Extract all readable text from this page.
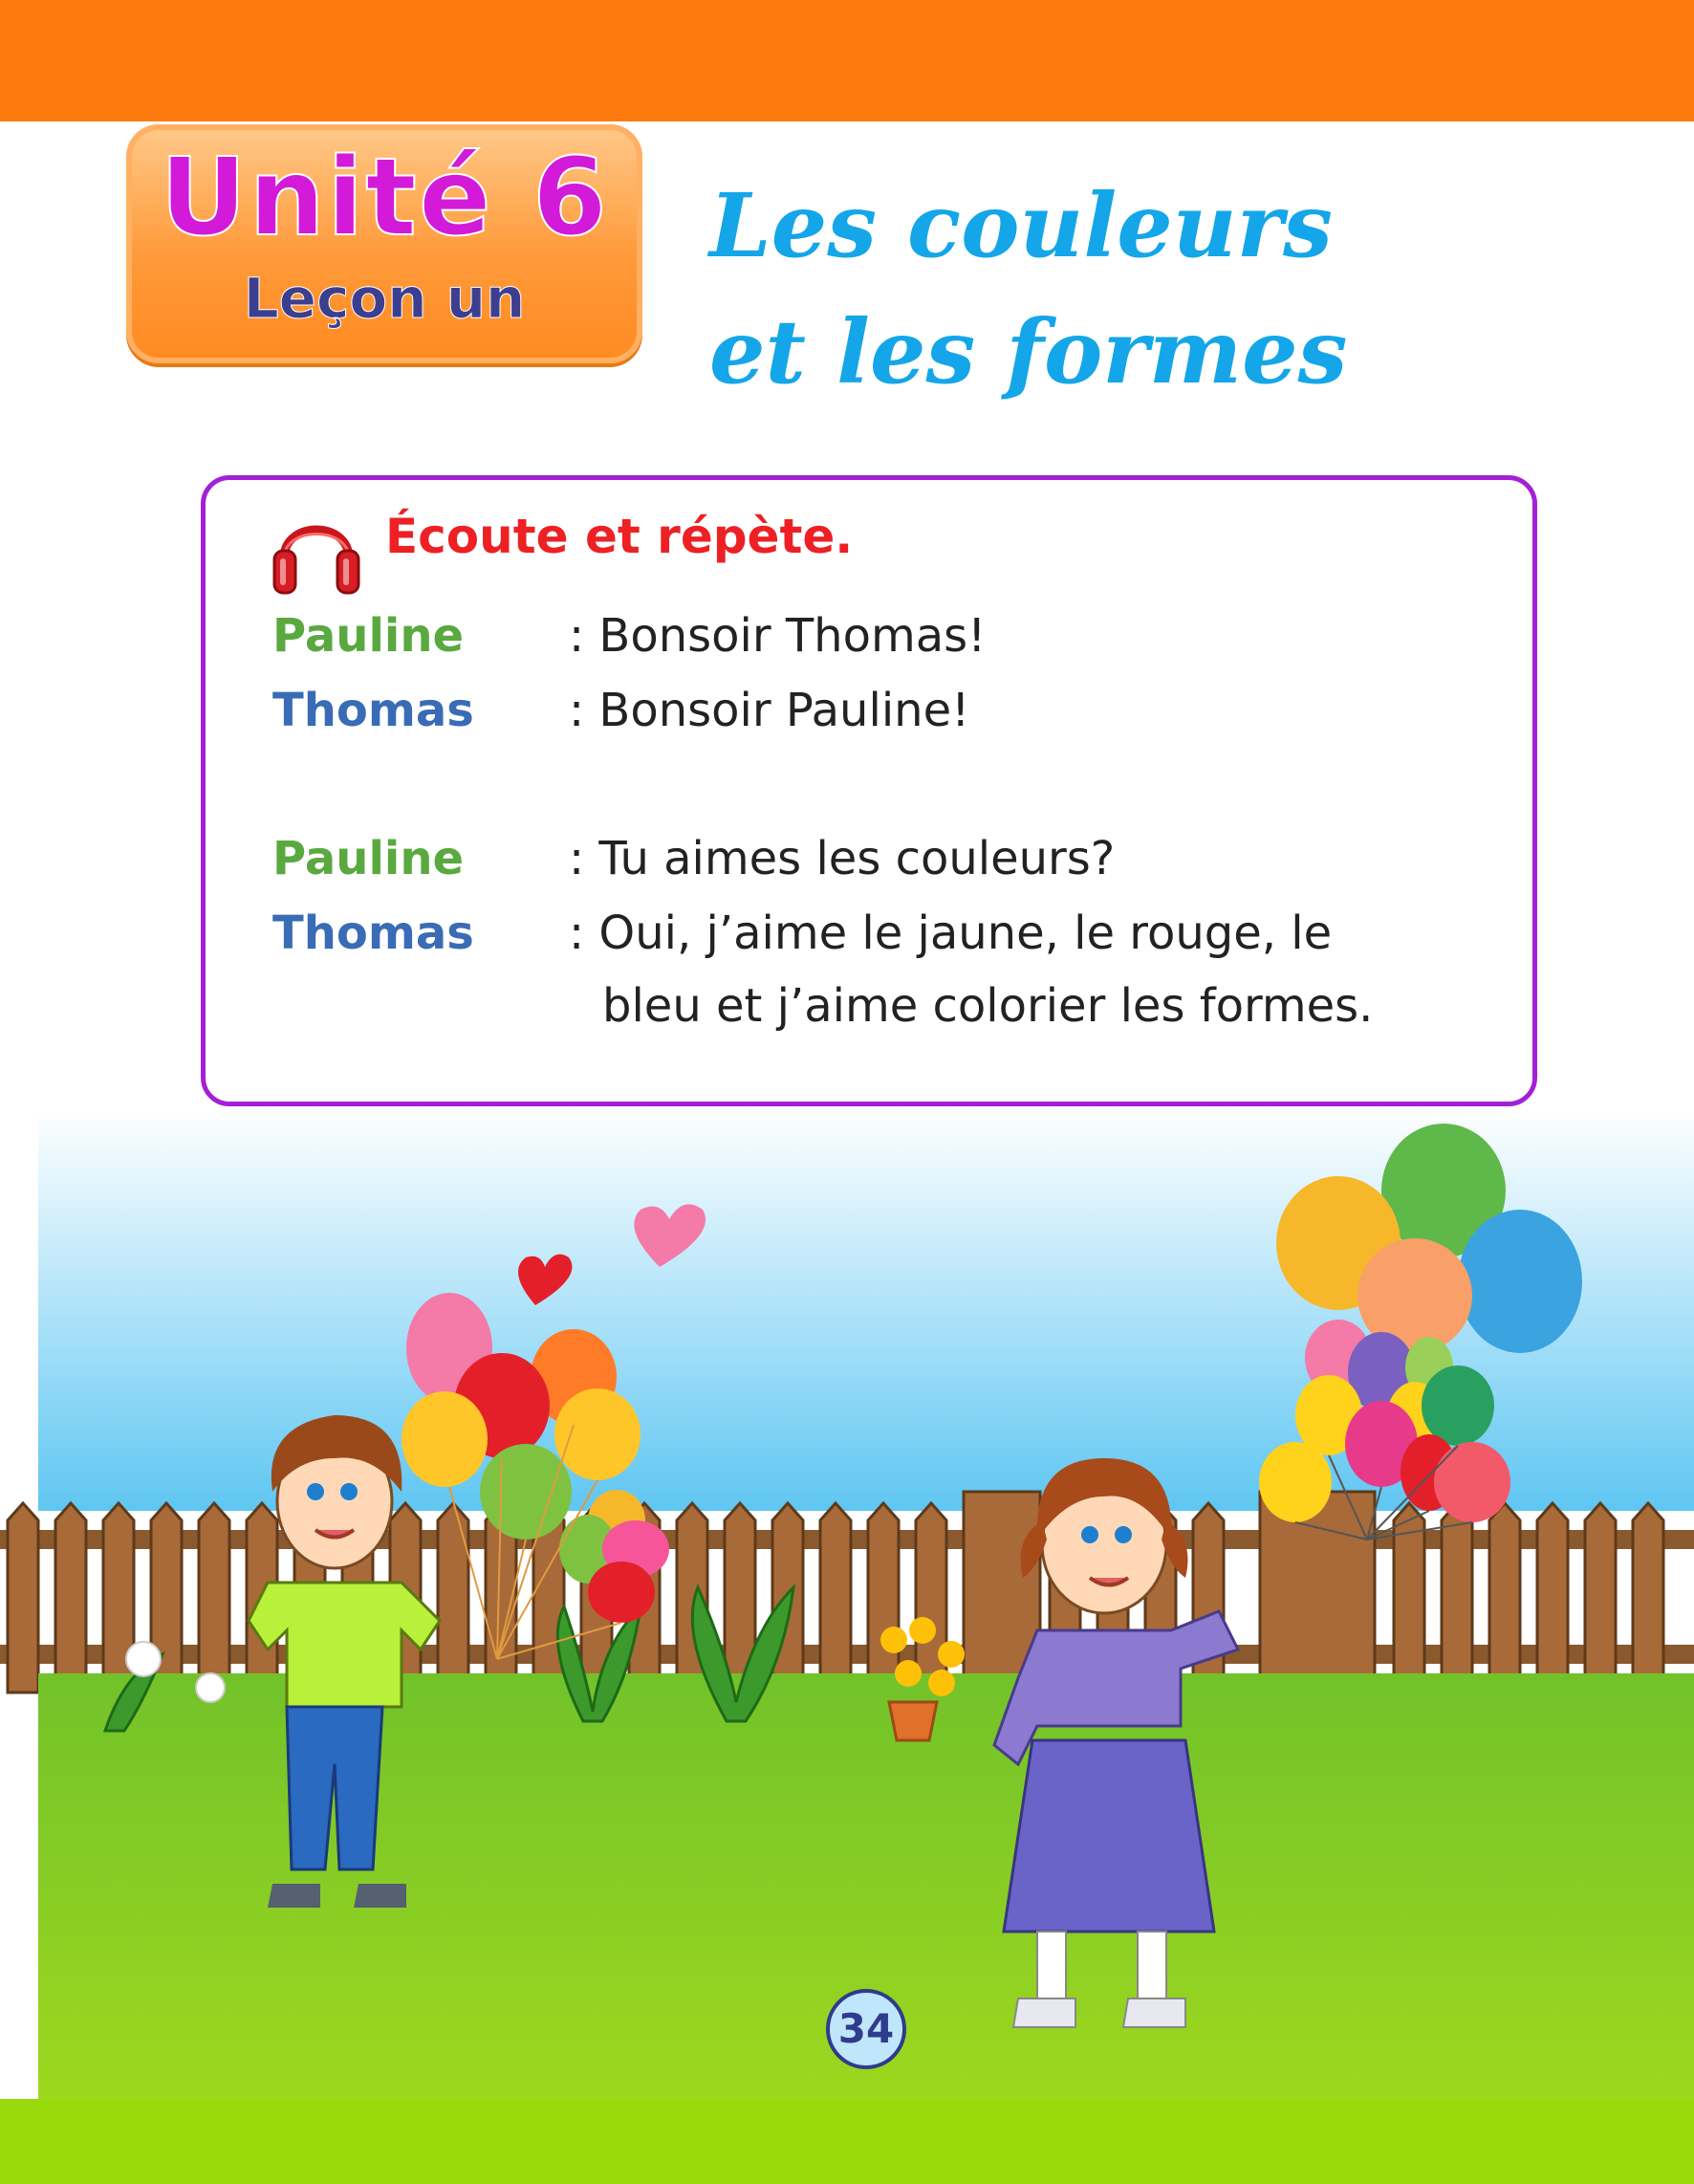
Unité 6
Leçon un
Les couleurs
et les formes
Écoute et répète.
Pauline	: Bonsoir Thomas!
Thomas	: Bonsoir Pauline!
Pauline	: Tu aimes les couleurs?
Thomas	: Oui, j’aime le jaune, le rouge, le
bleu et j’aime colorier les formes.
34
